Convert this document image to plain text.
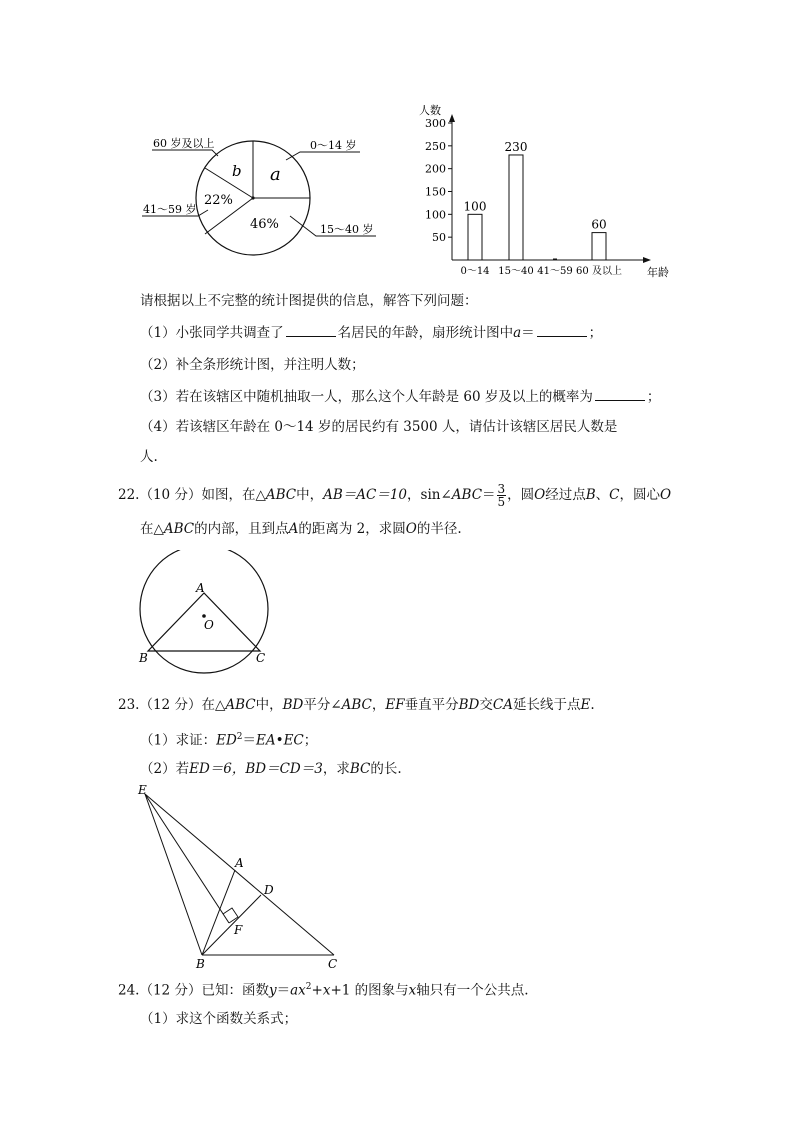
60 岁及以上	0～14 岁
41～59 岁
15～40 岁
b a
22%
46%
人数
年龄
50
100
150
200
250
300
100
230
60
0～14 15～40 41～59 60 及以上
请根据以上不完整的统计图提供的信息，解答下列问题：
（1）小张同学共调查了	名居民的年龄，扇形统计图中a＝	；
（2）补全条形统计图，并注明人数；
（3）若在该辖区中随机抽取一人，那么这个人年龄是 60 岁及以上的概率为	；
（4）若该辖区年龄在 0～14 岁的居民约有 3500 人，请估计该辖区居民人数是
人.
22.（10 分）如图，在△ABC中，AB＝AC＝10，sin∠ABC＝ $\frac{3}{5}$ ，圆O经过点B、C，圆心O
在△ABC的内部，且到点A的距离为 2，求圆O的半径.
A
O
B	C
23.（12 分）在△ABC中，BD平分∠ABC，EF垂直平分BD交CA延长线于点E.
（1）求证：$ED^2=EA•EC$；
（2）若ED＝6，BD＝CD＝3，求BC的长.
E
A
D
F
B	C
24.（12 分）已知：函数$y=ax^2+x+1$ 的图象与x轴只有一个公共点.
（1）求这个函数关系式；
